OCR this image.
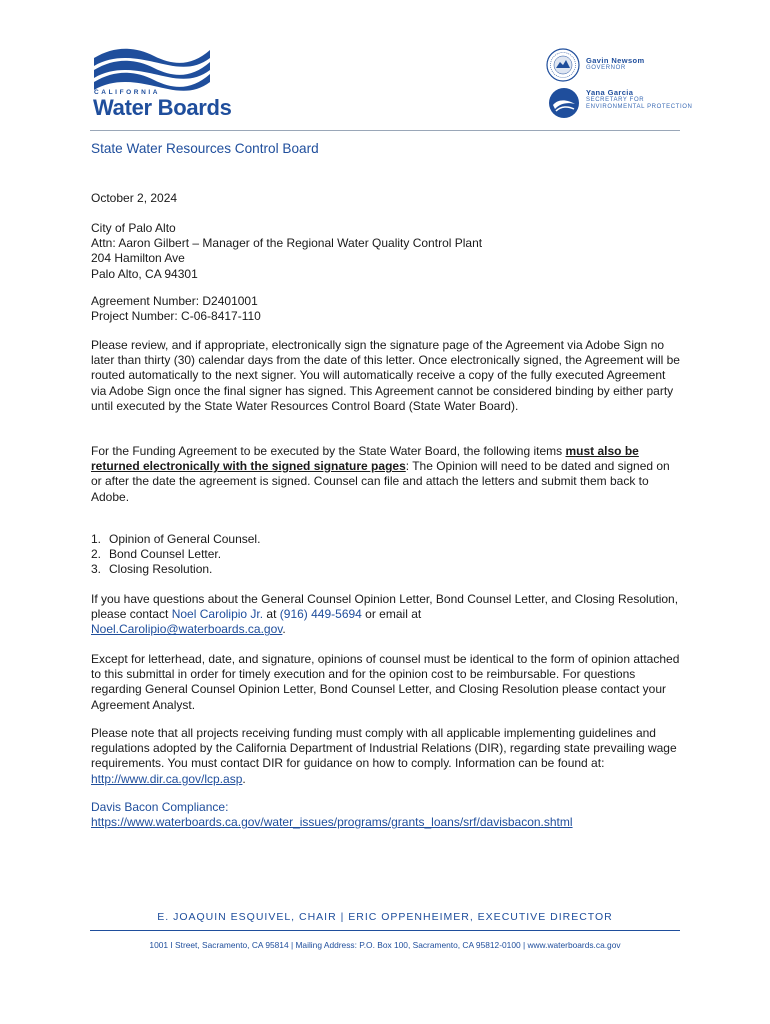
CALIFORNIA
Water Boards
Gavin Newsom
GOVERNOR
Yana Garcia
SECRETARY FOR
ENVIRONMENTAL PROTECTION
State Water Resources Control Board
October 2, 2024

City of Palo Alto

Attn: Aaron Gilbert – Manager of the Regional Water Quality Control Plant

204 Hamilton Ave

Palo Alto, CA 94301

Agreement Number: D2401001

Project Number: C-06-8417-110

Please review, and if appropriate, electronically sign the signature page of the Agreement via Adobe Sign no later than thirty (30) calendar days from the date of this letter. Once electronically signed, the Agreement will be routed automatically to the next signer. You will automatically receive a copy of the fully executed Agreement via Adobe Sign once the final signer has signed. This Agreement cannot be considered binding by either party until executed by the State Water Resources Control Board (State Water Board).
For the Funding Agreement to be executed by the State Water Board, the following items must also be returned electronically with the signed signature pages: The Opinion will need to be dated and signed on or after the date the agreement is signed. Counsel can file and attach the letters and submit them back to Adobe.
1. Opinion of General Counsel.
2. Bond Counsel Letter.
3. Closing Resolution.
If you have questions about the General Counsel Opinion Letter, Bond Counsel Letter, and Closing Resolution, please contact Noel Carolipio Jr. at (916) 449-5694 or email at
Noel.Carolipio@waterboards.ca.gov.
Except for letterhead, date, and signature, opinions of counsel must be identical to the form of opinion attached to this submittal in order for timely execution and for the opinion cost to be reimbursable. For questions regarding General Counsel Opinion Letter, Bond Counsel Letter, and Closing Resolution please contact your Agreement Analyst.
Please note that all projects receiving funding must comply with all applicable implementing guidelines and regulations adopted by the California Department of Industrial Relations (DIR), regarding state prevailing wage requirements. You must contact DIR for guidance on how to comply. Information can be found at: http://www.dir.ca.gov/lcp.asp.

Davis Bacon Compliance:

https://www.waterboards.ca.gov/water_issues/programs/grants_loans/srf/davisbacon.shtml

E. JOAQUIN ESQUIVEL, CHAIR | ERIC OPPENHEIMER, EXECUTIVE DIRECTOR
1001 I Street, Sacramento, CA 95814 | Mailing Address: P.O. Box 100, Sacramento, CA 95812-0100 | www.waterboards.ca.gov
